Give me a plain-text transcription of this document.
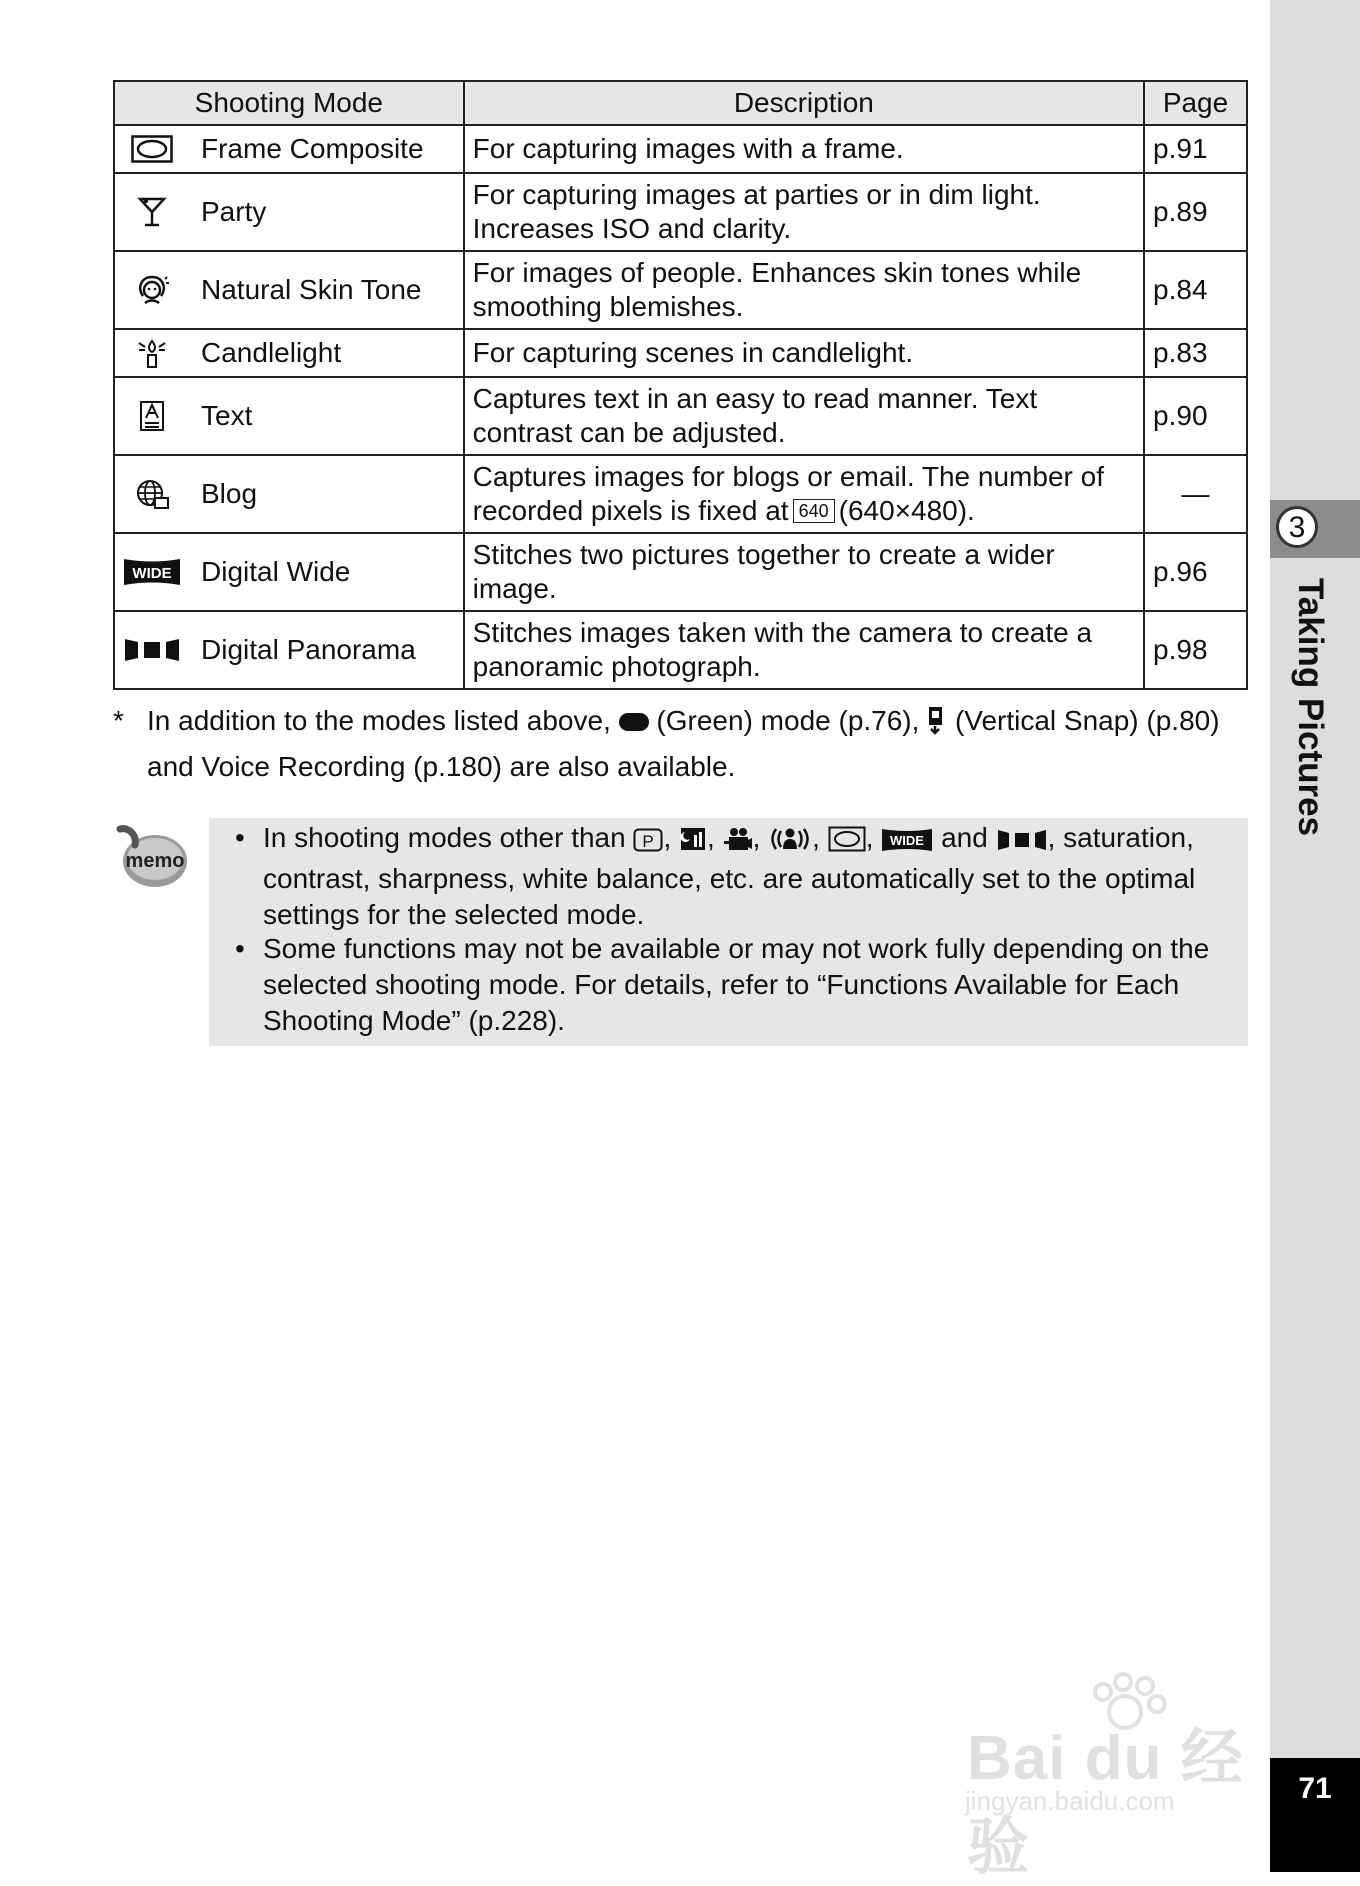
3
Taking Pictures
71
Shooting Mode	Description	Page

Frame Composite	For capturing images with a frame.	p.91

Party	For capturing images at parties or in dim light. Increases ISO and clarity.	p.89

Natural Skin Tone	For images of people. Enhances skin tones while smoothing blemishes.	p.84

Candlelight	For capturing scenes in candlelight.	p.83

Text	Captures text in an easy to read manner. Text contrast can be adjusted.	p.90

Blog	Captures images for blogs or email. The number of recorded pixels is fixed at 640 (640×480).	—

WIDE Digital Wide	Stitches two pictures together to create a wider image.	p.96

Digital Panorama	Stitches images taken with the camera to create a panoramic photograph.	p.98
* In addition to the modes listed above, (Green) mode (p.76), (Vertical Snap) (p.80) and Voice Recording (p.180) are also available.
memo
• In shooting modes other than P , , , , , WIDE and , saturation, contrast, sharpness, white balance, etc. are automatically set to the optimal settings for the selected mode.
• Some functions may not be available or may not work fully depending on the selected shooting mode. For details, refer to “Functions Available for Each Shooting Mode” (p.228).
Bai du 经验
jingyan.baidu.com
